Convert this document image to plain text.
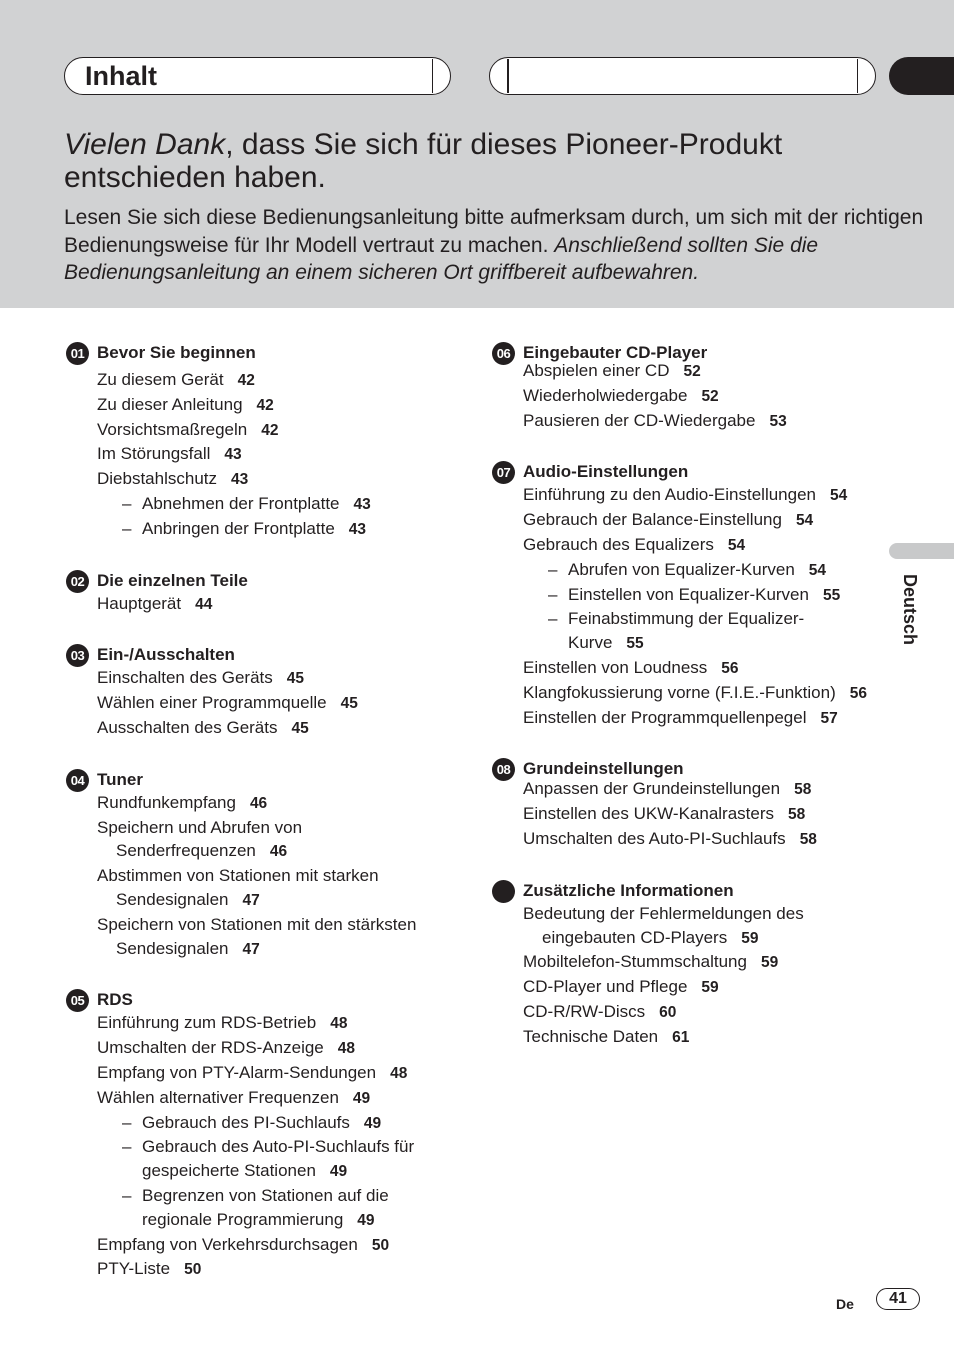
Inhalt
Vielen Dank, dass Sie sich für dieses Pioneer-Produkt entschieden haben.
Lesen Sie sich diese Bedienungsanleitung bitte aufmerksam durch, um sich mit der richtigen Bedienungsweise für Ihr Modell vertraut zu machen. Anschließend sollten Sie die Bedienungsanleitung an einem sicheren Ort griffbereit aufbewahren.
01 Bevor Sie beginnen
Zu diesem Gerät 42
Zu dieser Anleitung 42
Vorsichtsmaßregeln 42
Im Störungsfall 43
Diebstahlschutz 43
– Abnehmen der Frontplatte 43
– Anbringen der Frontplatte 43
02 Die einzelnen Teile
Hauptgerät 44
03 Ein-/Ausschalten
Einschalten des Geräts 45
Wählen einer Programmquelle 45
Ausschalten des Geräts 45
04 Tuner
Rundfunkempfang 46
Speichern und Abrufen von
Senderfrequenzen 46
Abstimmen von Stationen mit starken
Sendesignalen 47
Speichern von Stationen mit den stärksten
Sendesignalen 47
05 RDS
Einführung zum RDS-Betrieb 48
Umschalten der RDS-Anzeige 48
Empfang von PTY-Alarm-Sendungen 48
Wählen alternativer Frequenzen 49
– Gebrauch des PI-Suchlaufs 49
– Gebrauch des Auto-PI-Suchlaufs für
gespeicherte Stationen 49
– Begrenzen von Stationen auf die
regionale Programmierung 49
Empfang von Verkehrsdurchsagen 50
PTY-Liste 50
06 Eingebauter CD-Player
Abspielen einer CD 52
Wiederholwiedergabe 52
Pausieren der CD-Wiedergabe 53
07 Audio-Einstellungen
Einführung zu den Audio-Einstellungen 54
Gebrauch der Balance-Einstellung 54
Gebrauch des Equalizers 54
– Abrufen von Equalizer-Kurven 54
– Einstellen von Equalizer-Kurven 55
– Feinabstimmung der Equalizer-
Kurve 55
Einstellen von Loudness 56
Klangfokussierung vorne (F.I.E.-Funktion) 56
Einstellen der Programmquellenpegel 57
08 Grundeinstellungen
Anpassen der Grundeinstellungen 58
Einstellen des UKW-Kanalrasters 58
Umschalten des Auto-PI-Suchlaufs 58
Zusätzliche Informationen
Bedeutung der Fehlermeldungen des
eingebauten CD-Players 59
Mobiltelefon-Stummschaltung 59
CD-Player und Pflege 59
CD-R/RW-Discs 60
Technische Daten 61
Deutsch
De	41
